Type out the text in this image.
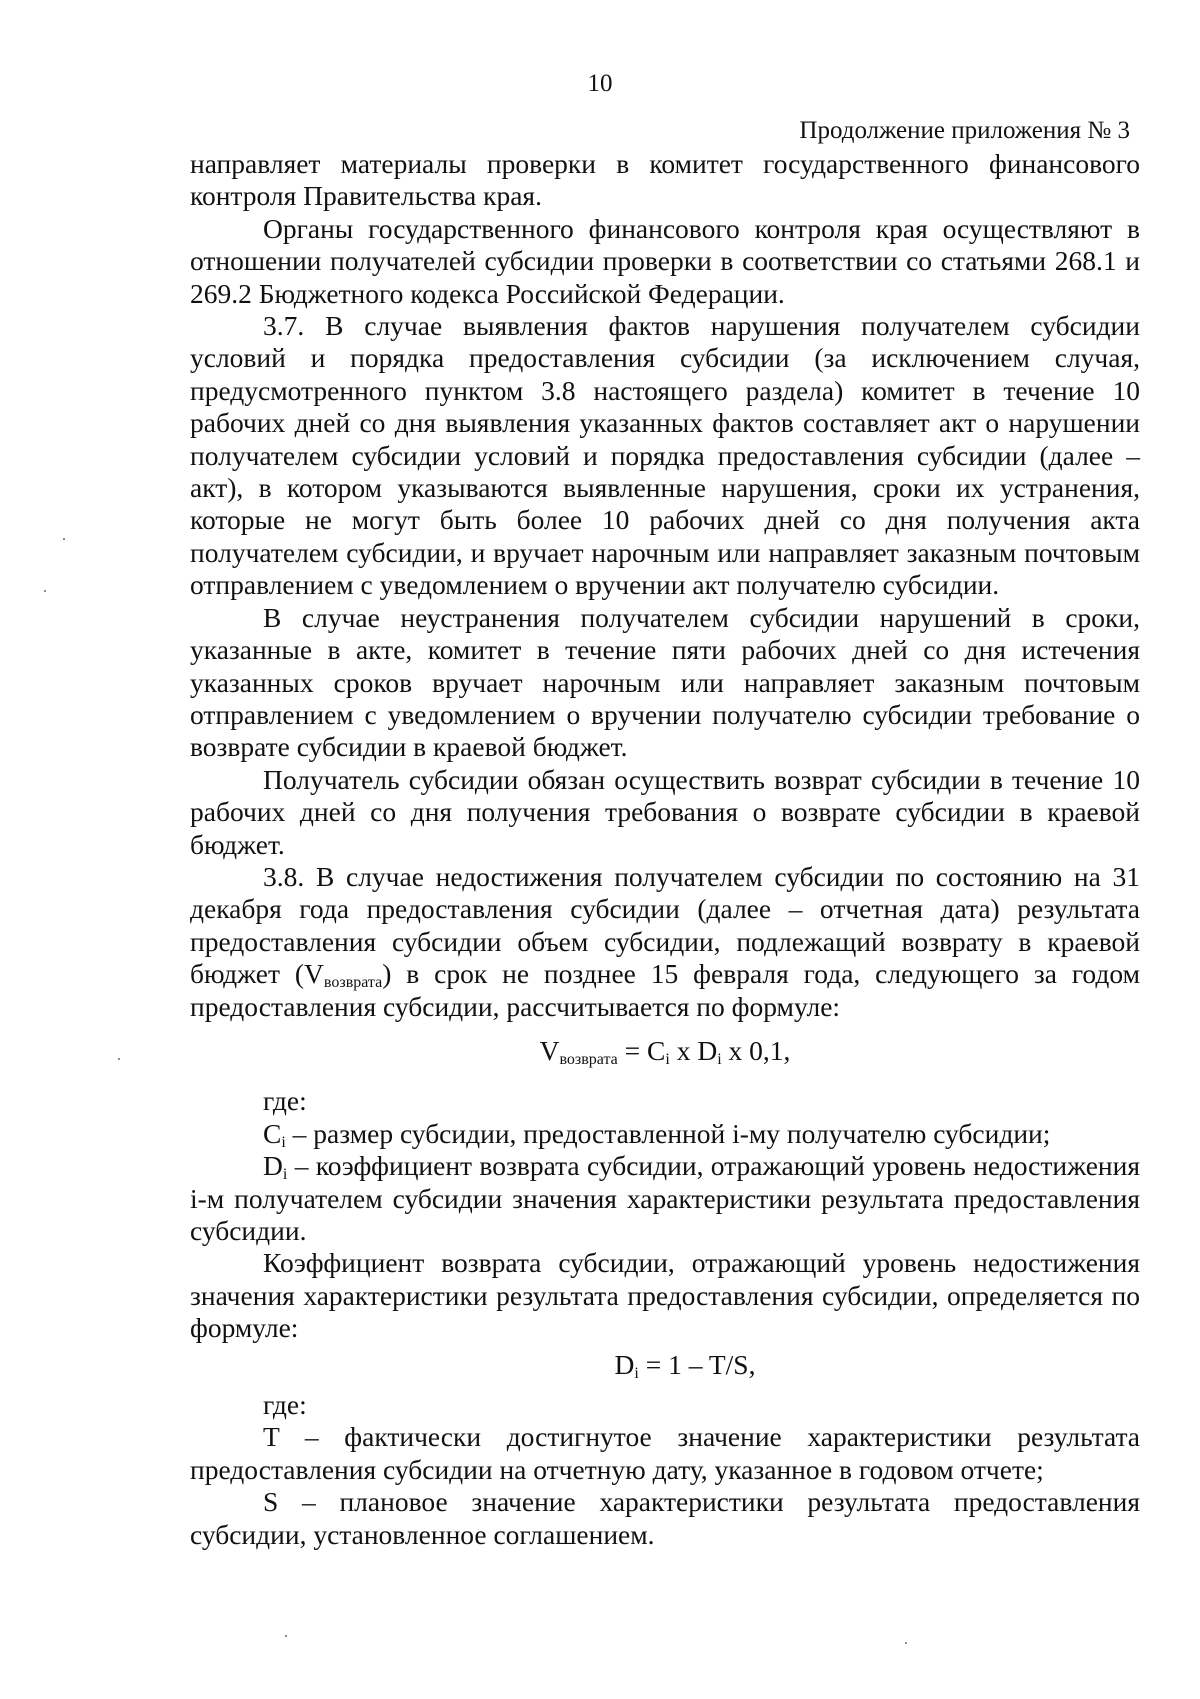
10
Продолжение приложения № 3

направляет материалы проверки в комитет государственного финансового контроля Правительства края.

Органы государственного финансового контроля края осуществляют в отношении получателей субсидии проверки в соответствии со статьями 268.1 и 269.2 Бюджетного кодекса Российской Федерации.

3.7. В случае выявления фактов нарушения получателем субсидии условий и порядка предоставления субсидии (за исключением случая, предусмотренного пунктом 3.8 настоящего раздела) комитет в течение 10 рабочих дней со дня выявления указанных фактов составляет акт о нарушении получателем субсидии условий и порядка предоставления субсидии (далее – акт), в котором указываются выявленные нарушения, сроки их устранения, которые не могут быть более 10 рабочих дней со дня получения акта получателем субсидии, и вручает нарочным или направляет заказным почтовым отправлением с уведомлением о вручении акт получателю субсидии.

В случае неустранения получателем субсидии нарушений в сроки, указанные в акте, комитет в течение пяти рабочих дней со дня истечения указанных сроков вручает нарочным или направляет заказным почтовым отправлением с уведомлением о вручении получателю субсидии требование о возврате субсидии в краевой бюджет.

Получатель субсидии обязан осуществить возврат субсидии в течение 10 рабочих дней со дня получения требования о возврате субсидии в краевой бюджет.

3.8. В случае недостижения получателем субсидии по состоянию на 31 декабря года предоставления субсидии (далее – отчетная дата) результата предоставления субсидии объем субсидии, подлежащий возврату в краевой бюджет $(V_{возврата})$ в срок не позднее 15 февраля года, следующего за годом предоставления субсидии, рассчитывается по формуле:

$V_{возврата} = C_i$ x $D_i$ x 0,1,

где:

$C_i$ – размер субсидии, предоставленной i-му получателю субсидии;

$D_i$ – коэффициент возврата субсидии, отражающий уровень недостижения i-м получателем субсидии значения характеристики результата предоставления субсидии.

Коэффициент возврата субсидии, отражающий уровень недостижения значения характеристики результата предоставления субсидии, определяется по формуле:

$D_i = 1 - T/S$,

где:

T – фактически достигнутое значение характеристики результата предоставления субсидии на отчетную дату, указанное в годовом отчете;

S – плановое значение характеристики результата предоставления субсидии, установленное соглашением.
